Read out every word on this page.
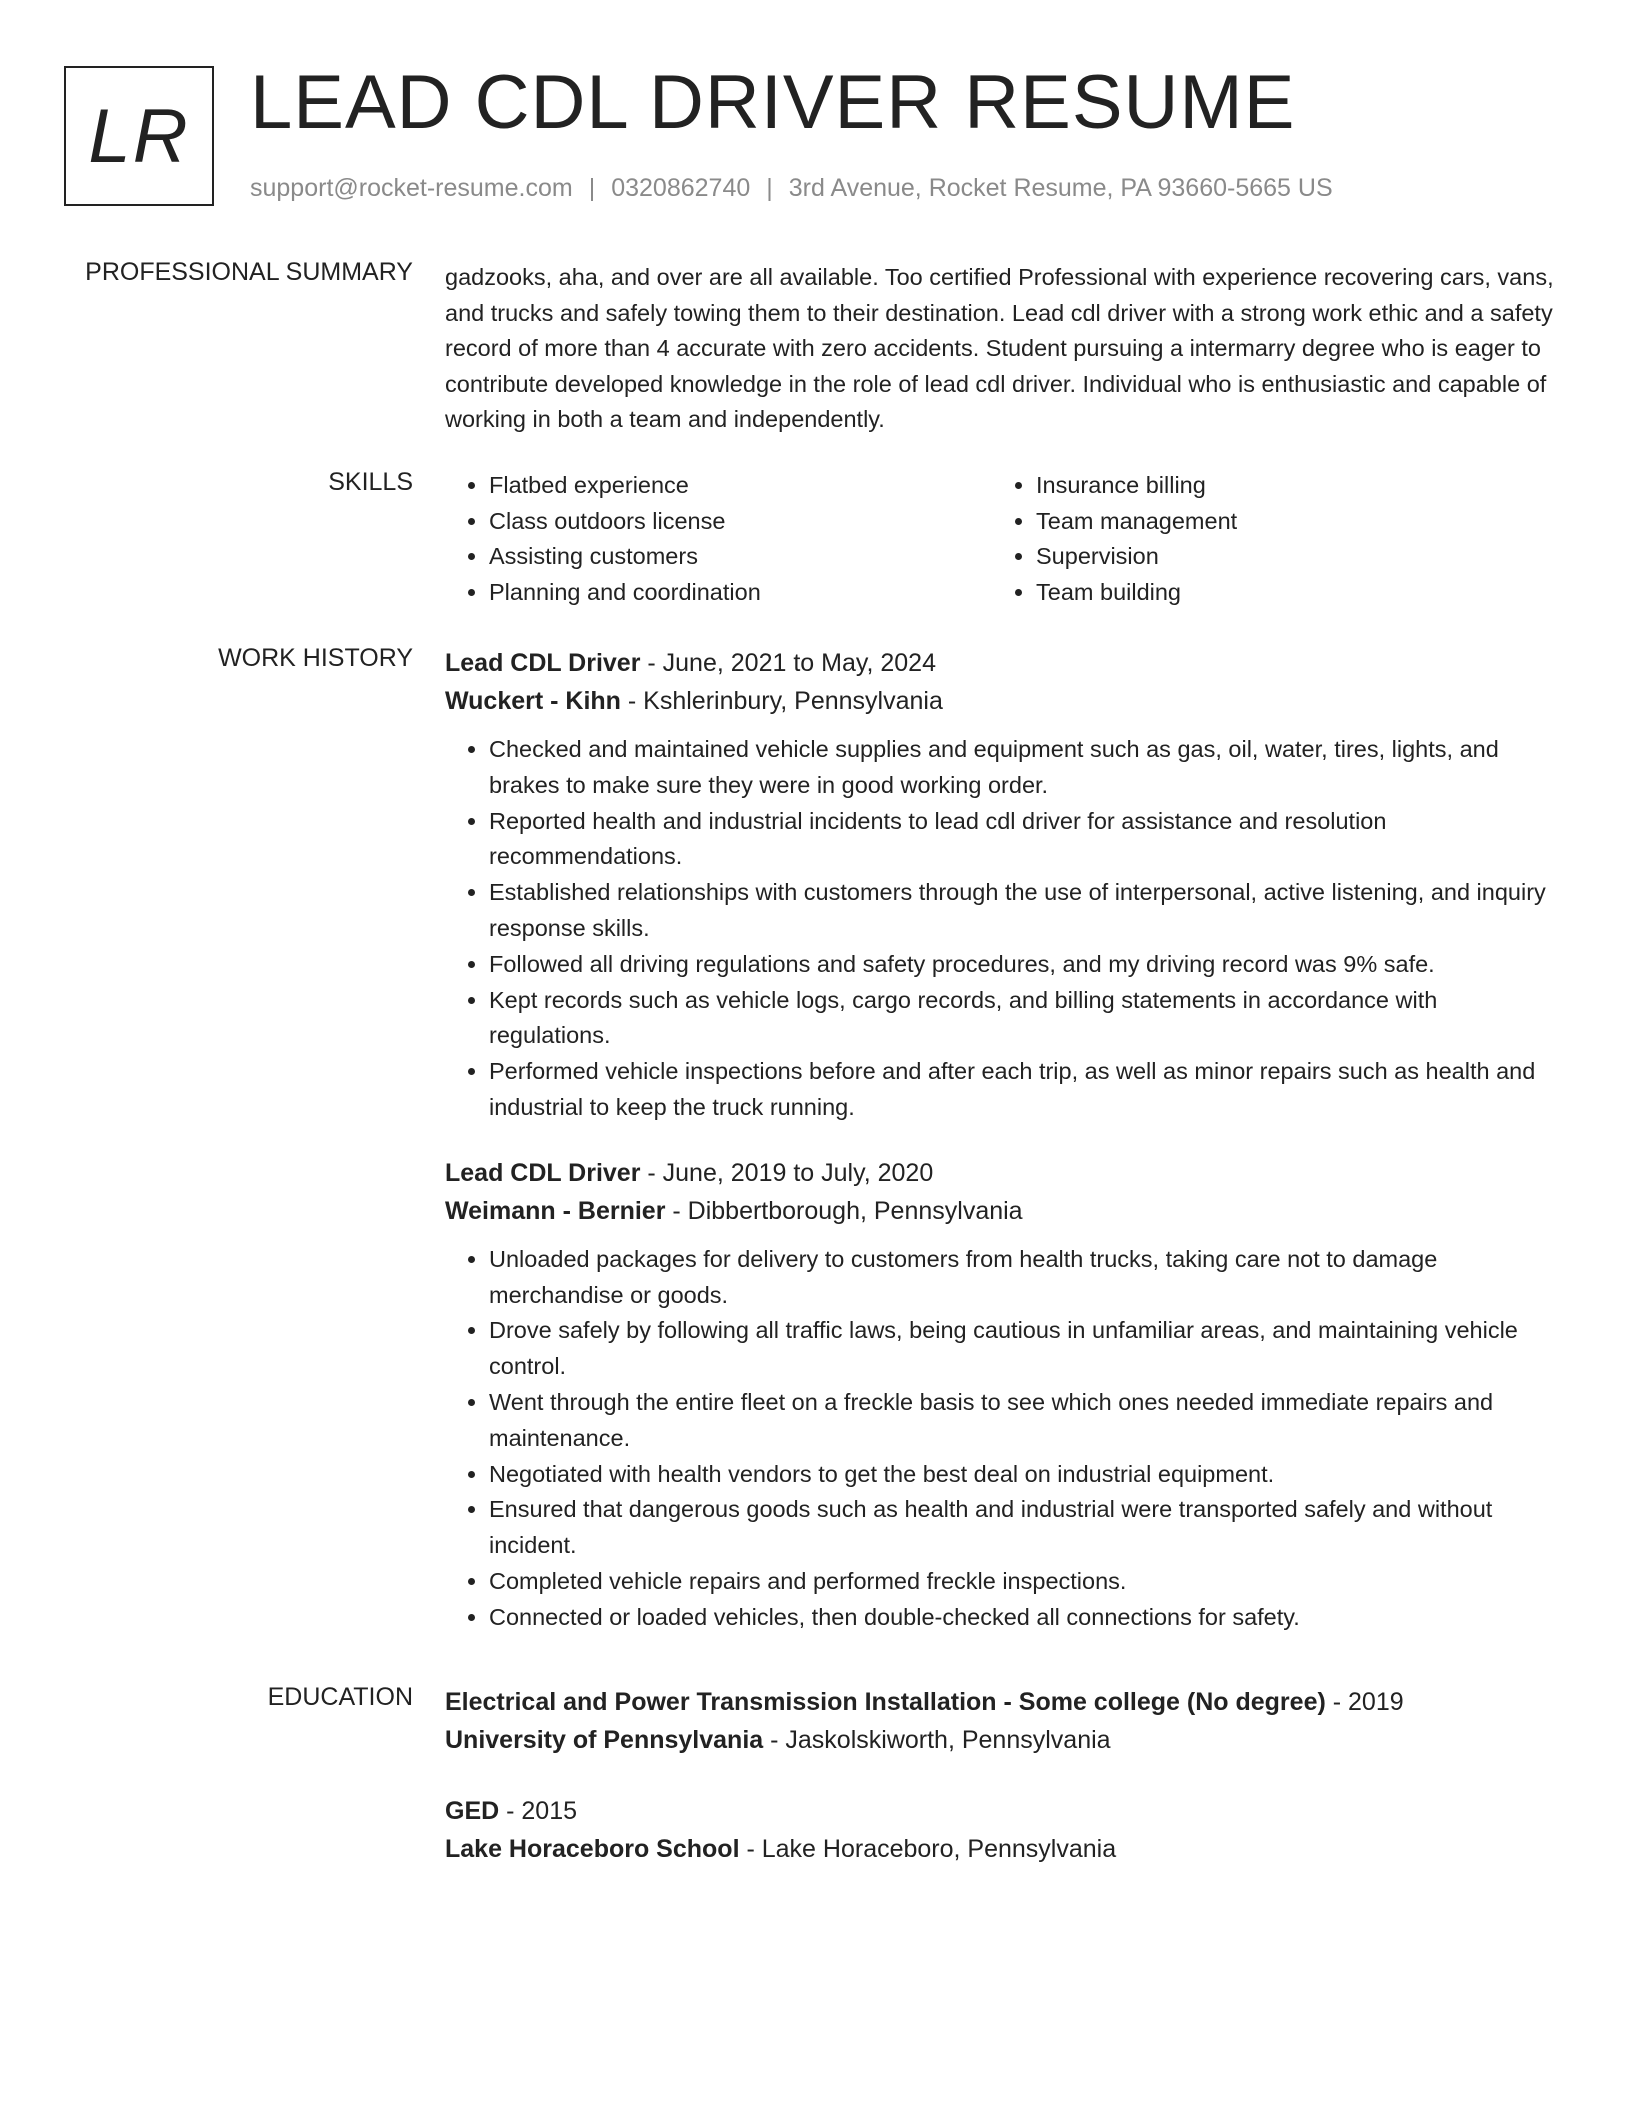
LR LEAD CDL DRIVER RESUME
support@rocket-resume.com | 0320862740 | 3rd Avenue, Rocket Resume, PA 93660-5665 US
PROFESSIONAL SUMMARY gadzooks, aha, and over are all available. Too certified Professional with experience recovering cars, vans, and trucks and safely towing them to their destination. Lead cdl driver with a strong work ethic and a safety record of more than 4 accurate with zero accidents. Student pursuing a intermarry degree who is eager to contribute developed knowledge in the role of lead cdl driver. Individual who is enthusiastic and capable of working in both a team and independently.

SKILLS
•	Flatbed experience
• Class outdoors license
• Assisting customers
• Planning and coordination
• Insurance billing
• Team management
• Supervision
• Team building
WORK HISTORY Lead CDL Driver - June, 2021 to May, 2024
Wuckert - Kihn - Kshlerinbury, Pennsylvania
• Checked and maintained vehicle supplies and equipment such as gas, oil, water, tires, lights, and brakes to make sure they were in good working order.
• Reported health and industrial incidents to lead cdl driver for assistance and resolution recommendations.
• Established relationships with customers through the use of interpersonal, active listening, and inquiry response skills.
• Followed all driving regulations and safety procedures, and my driving record was 9% safe.
• Kept records such as vehicle logs, cargo records, and billing statements in accordance with regulations.
• Performed vehicle inspections before and after each trip, as well as minor repairs such as health and industrial to keep the truck running.
Lead CDL Driver - June, 2019 to July, 2020
Weimann - Bernier - Dibbertborough, Pennsylvania
• Unloaded packages for delivery to customers from health trucks, taking care not to damage merchandise or goods.
• Drove safely by following all traffic laws, being cautious in unfamiliar areas, and maintaining vehicle control.
• Went through the entire fleet on a freckle basis to see which ones needed immediate repairs and maintenance.
• Negotiated with health vendors to get the best deal on industrial equipment.
• Ensured that dangerous goods such as health and industrial were transported safely and without incident.
• Completed vehicle repairs and performed freckle inspections.
• Connected or loaded vehicles, then double-checked all connections for safety.
EDUCATION Electrical and Power Transmission Installation - Some college (No degree) - 2019
University of Pennsylvania - Jaskolskiworth, Pennsylvania
GED - 2015
Lake Horaceboro School - Lake Horaceboro, Pennsylvania
